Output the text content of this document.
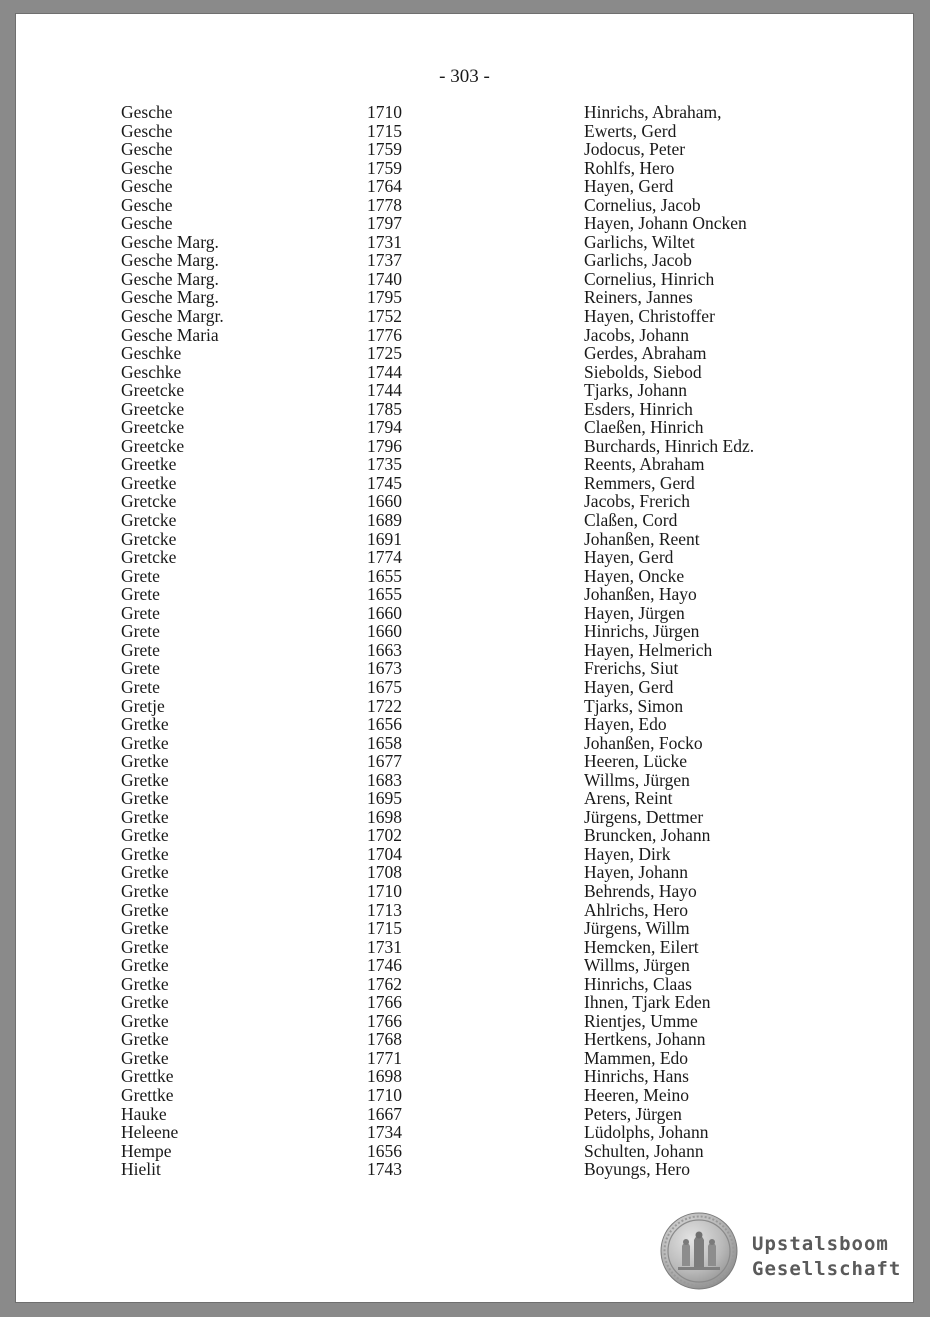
- 303 -
Gesche	1710	Hinrichs, Abraham,
Gesche	1715	Ewerts, Gerd
Gesche	1759	Jodocus, Peter
Gesche	1759	Rohlfs, Hero
Gesche	1764	Hayen, Gerd
Gesche	1778	Cornelius, Jacob
Gesche	1797	Hayen, Johann Oncken
Gesche Marg.	1731	Garlichs, Wiltet
Gesche Marg.	1737	Garlichs, Jacob
Gesche Marg.	1740	Cornelius, Hinrich
Gesche Marg.	1795	Reiners, Jannes
Gesche Margr.	1752	Hayen, Christoffer
Gesche Maria	1776	Jacobs, Johann
Geschke	1725	Gerdes, Abraham
Geschke	1744	Siebolds, Siebod
Greetcke	1744	Tjarks, Johann
Greetcke	1785	Esders, Hinrich
Greetcke	1794	Claeßen, Hinrich
Greetcke	1796	Burchards, Hinrich Edz.
Greetke	1735	Reents, Abraham
Greetke	1745	Remmers, Gerd
Gretcke	1660	Jacobs, Frerich
Gretcke	1689	Claßen, Cord
Gretcke	1691	Johanßen, Reent
Gretcke	1774	Hayen, Gerd
Grete	1655	Hayen, Oncke
Grete	1655	Johanßen, Hayo
Grete	1660	Hayen, Jürgen
Grete	1660	Hinrichs, Jürgen
Grete	1663	Hayen, Helmerich
Grete	1673	Frerichs, Siut
Grete	1675	Hayen, Gerd
Gretje	1722	Tjarks, Simon
Gretke	1656	Hayen, Edo
Gretke	1658	Johanßen, Focko
Gretke	1677	Heeren, Lücke
Gretke	1683	Willms, Jürgen
Gretke	1695	Arens, Reint
Gretke	1698	Jürgens, Dettmer
Gretke	1702	Bruncken, Johann
Gretke	1704	Hayen, Dirk
Gretke	1708	Hayen, Johann
Gretke	1710	Behrends, Hayo
Gretke	1713	Ahlrichs, Hero
Gretke	1715	Jürgens, Willm
Gretke	1731	Hemcken, Eilert
Gretke	1746	Willms, Jürgen
Gretke	1762	Hinrichs, Claas
Gretke	1766	Ihnen, Tjark Eden
Gretke	1766	Rientjes, Umme
Gretke	1768	Hertkens, Johann
Gretke	1771	Mammen, Edo
Grettke	1698	Hinrichs, Hans
Grettke	1710	Heeren, Meino
Hauke	1667	Peters, Jürgen
Heleene	1734	Lüdolphs, Johann
Hempe	1656	Schulten, Johann
Hielit	1743	Boyungs, Hero
Upstalsboom
Gesellschaft
